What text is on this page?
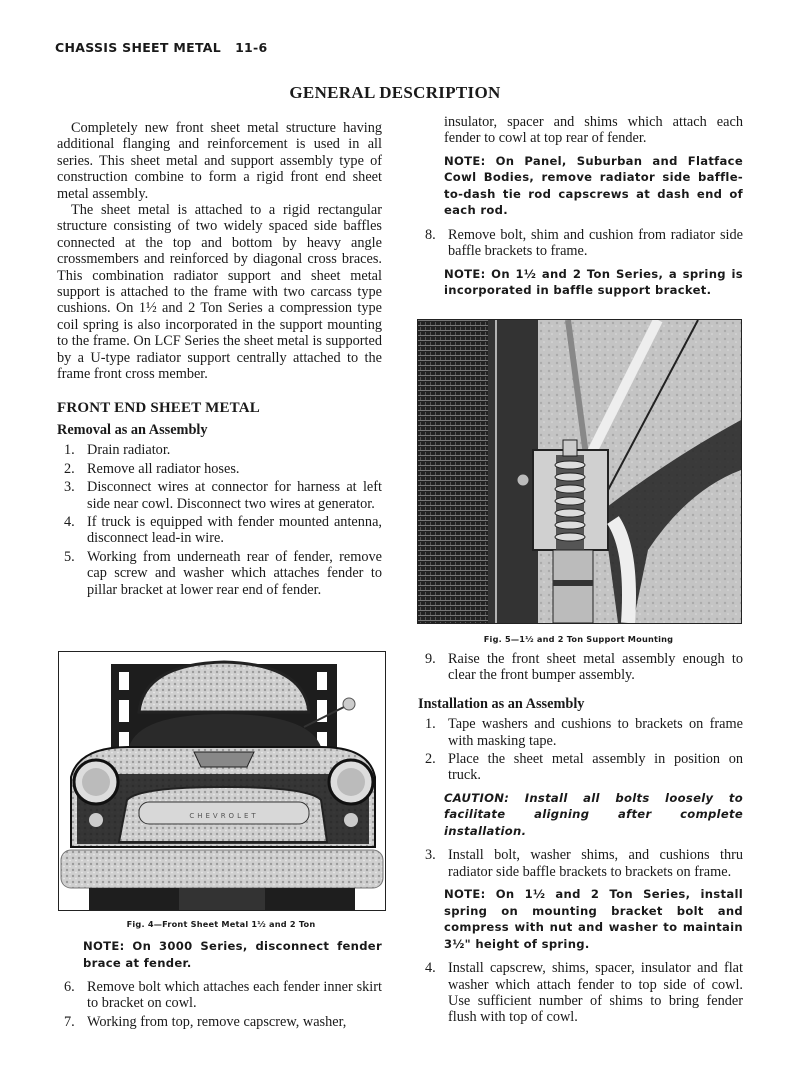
CHASSIS SHEET METAL 11-6
GENERAL DESCRIPTION

Completely new front sheet metal structure having additional flanging and reinforcement is used in all series. This sheet metal and support assembly type of construction combine to form a rigid front end sheet metal assembly.

The sheet metal is attached to a rigid rectangular structure consisting of two widely spaced side baffles connected at the top and bottom by heavy angle crossmembers and reinforced by diagonal cross braces. This combination radiator support and sheet metal support is attached to the frame with two carcass type cushions. On 1½ and 2 Ton Series a compression type coil spring is also incorporated in the support mounting to the frame. On LCF Series the sheet metal is supported by a U-type radiator support centrally attached to the frame front cross member.

FRONT END SHEET METAL
Removal as an Assembly
1. Drain radiator.
2. Remove all radiator hoses.
3. Disconnect wires at connector for harness at left side near cowl. Disconnect two wires at generator.
4. If truck is equipped with fender mounted antenna, disconnect lead-in wire.
5. Working from underneath rear of fender, remove cap screw and washer which attaches fender to pillar bracket at lower rear end of fender.
CHEVROLET
Fig. 4—Front Sheet Metal 1½ and 2 Ton
NOTE: On 3000 Series, disconnect fender brace at fender.
6. Remove bolt which attaches each fender inner skirt to bracket on cowl.
7. Working from top, remove capscrew, washer,

insulator, spacer and shims which attach each fender to cowl at top rear of fender.

NOTE: On Panel, Suburban and Flatface Cowl Bodies, remove radiator side baffle-to-dash tie rod capscrews at dash end of each rod.
8. Remove bolt, shim and cushion from radiator side baffle brackets to frame.
NOTE: On 1½ and 2 Ton Series, a spring is incorporated in baffle support bracket.
Fig. 5—1½ and 2 Ton Support Mounting
9. Raise the front sheet metal assembly enough to clear the front bumper assembly.
Installation as an Assembly
1. Tape washers and cushions to brackets on frame with masking tape.
2. Place the sheet metal assembly in position on truck.
CAUTION: Install all bolts loosely to facilitate aligning after complete installation.
3. Install bolt, washer shims, and cushions thru radiator side baffle brackets to brackets on frame.
NOTE: On 1½ and 2 Ton Series, install spring on mounting bracket bolt and compress with nut and washer to maintain 3½" height of spring.
4. Install capscrew, shims, spacer, insulator and flat washer which attach fender to top side of cowl. Use sufficient number of shims to bring fender flush with top of cowl.
